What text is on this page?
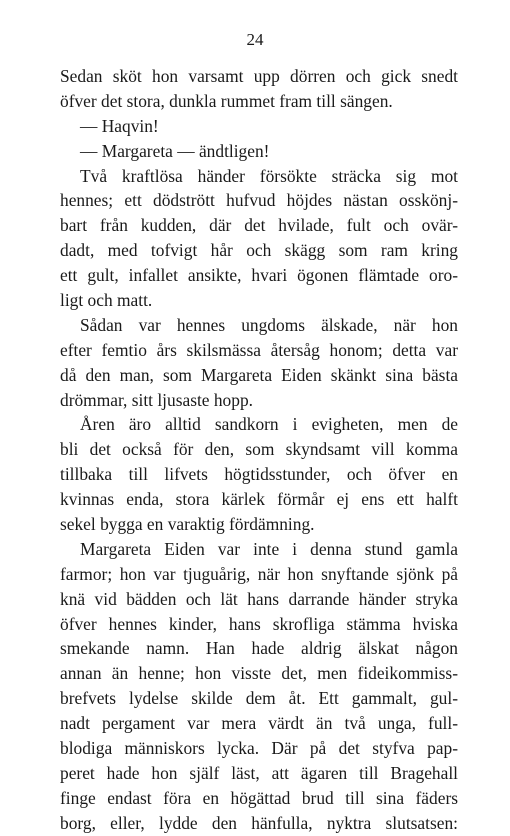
24
Sedan sköt hon varsamt upp dörren och gick snedt
öfver det stora, dunkla rummet fram till sängen.
— Haqvin!
— Margareta — ändtligen!
Två kraftlösa händer försökte sträcka sig mot
hennes; ett dödstrött hufvud höjdes nästan osskönj-
bart från kudden, där det hvilade, fult och ovär-
dadt, med tofvigt hår och skägg som ram kring
ett gult, infallet ansikte, hvari ögonen flämtade oro-
ligt och matt.
Sådan var hennes ungdoms älskade, när hon
efter femtio års skilsmässa återsåg honom; detta var
då den man, som Margareta Eiden skänkt sina bästa
drömmar, sitt ljusaste hopp.
Åren äro alltid sandkorn i evigheten, men de
bli det också för den, som skyndsamt vill komma
tillbaka till lifvets högtidsstunder, och öfver en
kvinnas enda, stora kärlek förmår ej ens ett halft
sekel bygga en varaktig fördämning.
Margareta Eiden var inte i denna stund gamla
farmor; hon var tjuguårig, när hon snyftande sjönk på
knä vid bädden och lät hans darrande händer stryka
öfver hennes kinder, hans skrofliga stämma hviska
smekande namn. Han hade aldrig älskat någon
annan än henne; hon visste det, men fideikommiss-
brefvets lydelse skilde dem åt. Ett gammalt, gul-
nadt pergament var mera värdt än två unga, full-
blodiga människors lycka. Där på det styfva pap-
peret hade hon själf läst, att ägaren till Bragehall
finge endast föra en högättad brud till sina fäders
borg, eller, lydde den hänfulla, nyktra slutsatsen:
